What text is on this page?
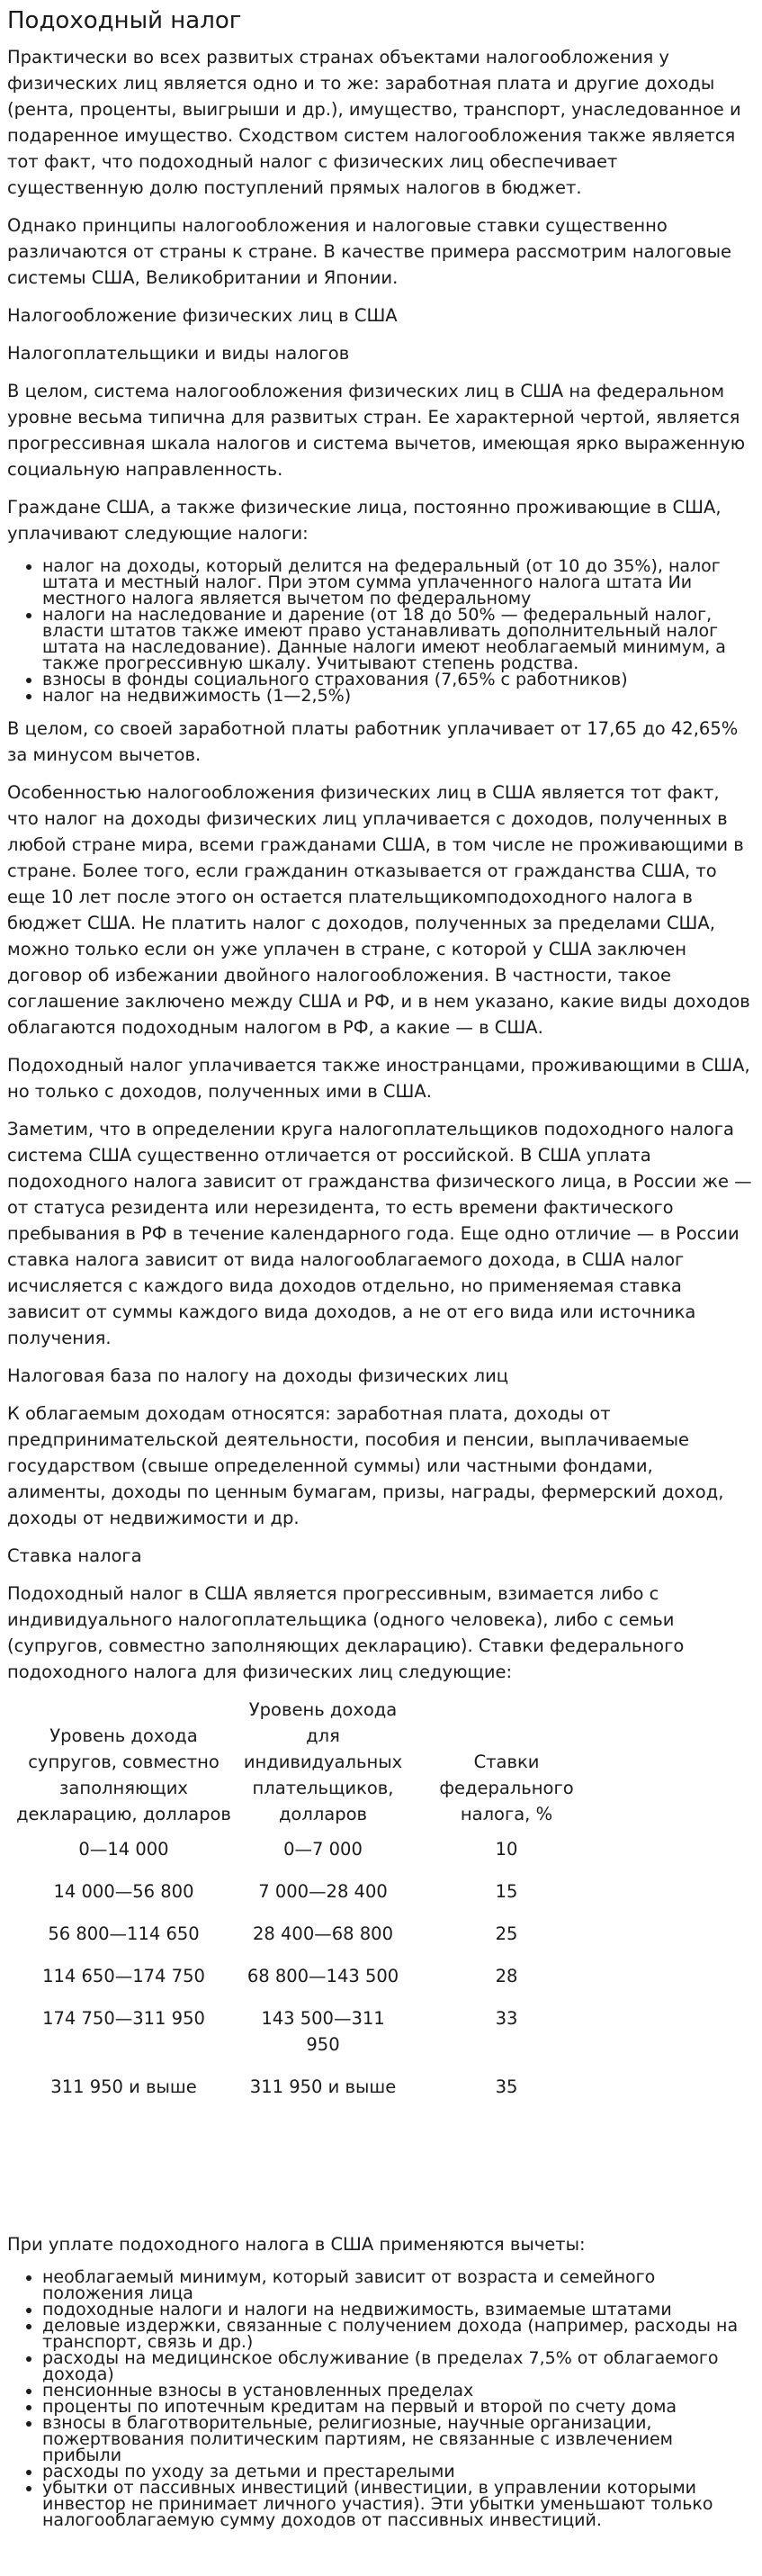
Подоходный налог

Практически во всех развитых странах объектами налогообложения у физических лиц является одно и то же: заработная плата и другие доходы (рента, проценты, выигрыши и др.), имущество, транспорт, унаследованное и подаренное имущество. Сходством систем налогообложения также является тот факт, что подоходный налог с физических лиц обеспечивает существенную долю поступлений прямых налогов в бюджет.

Однако принципы налогообложения и налоговые ставки существенно различаются от страны к стране. В качестве примера рассмотрим налоговые системы США, Великобритании и Японии.

Налогообложение физических лиц в США

Налогоплательщики и виды налогов

В целом, система налогообложения физических лиц в США на федеральном уровне весьма типична для развитых стран. Ее характерной чертой, является прогрессивная шкала налогов и система вычетов, имеющая ярко выраженную социальную направленность.

Граждане США, а также физические лица, постоянно проживающие в США, уплачивают следующие налоги:

• налог на доходы, который делится на федеральный (от 10 до 35%), налог штата и местный налог. При этом сумма уплаченного налога штата Ии местного налога является вычетом по федеральному
• налоги на наследование и дарение (от 18 до 50% — федеральный налог, власти штатов также имеют право устанавливать дополнительный налог штата на наследование). Данные налоги имеют необлагаемый минимум, а также прогрессивную шкалу. Учитывают степень родства.
• взносы в фонды социального страхования (7,65% с работников)
• налог на недвижимость (1—2,5%)

В целом, со своей заработной платы работник уплачивает от 17,65 до 42,65% за минусом вычетов.

Особенностью налогообложения физических лиц в США является тот факт, что налог на доходы физических лиц уплачивается с доходов, полученных в любой стране мира, всеми гражданами США, в том числе не проживающими в стране. Более того, если гражданин отказывается от гражданства США, то еще 10 лет после этого он остается плательщикомподоходного налога в бюджет США. Не платить налог с доходов, полученных за пределами США, можно только если он уже уплачен в стране, с которой у США заключен договор об избежании двойного налогообложения. В частности, такое соглашение заключено между США и РФ, и в нем указано, какие виды доходов облагаются подоходным налогом в РФ, а какие — в США.

Подоходный налог уплачивается также иностранцами, проживающими в США, но только с доходов, полученных ими в США.

Заметим, что в определении круга налогоплательщиков подоходного налога система США существенно отличается от российской. В США уплата подоходного налога зависит от гражданства физического лица, в России же — от статуса резидента или нерезидента, то есть времени фактического пребывания в РФ в течение календарного года. Еще одно отличие — в России ставка налога зависит от вида налогооблагаемого дохода, в США налог исчисляется с каждого вида доходов отдельно, но применяемая ставка зависит от суммы каждого вида доходов, а не от его вида или источника получения.

Налоговая база по налогу на доходы физических лиц

К облагаемым доходам относятся: заработная плата, доходы от предпринимательской деятельности, пособия и пенсии, выплачиваемые государством (свыше определенной суммы) или частными фондами, алименты, доходы по ценным бумагам, призы, награды, фермерский доход, доходы от недвижимости и др.

Ставка налога

Подоходный налог в США является прогрессивным, взимается либо с индивидуального налогоплательщика (одного человека), либо с семьи (супругов, совместно заполняющих декларацию). Ставки федерального подоходного налога для физических лиц следующие:

Уровень дохода супругов, совместно заполняющих декларацию, долларов	Уровень дохода для индивидуальных плательщиков, долларов	Ставки федерального налога, %
0—14 000	0—7 000	10
14 000—56 800	7 000—28 400	15
56 800—114 650	28 400—68 800	25
114 650—174 750	68 800—143 500	28
174 750—311 950	143 500—311 950	33
311 950 и выше	311 950 и выше	35

При уплате подоходного налога в США применяются вычеты:

• необлагаемый минимум, который зависит от возраста и семейного положения лица
• подоходные налоги и налоги на недвижимость, взимаемые штатами
• деловые издержки, связанные с получением дохода (например, расходы на транспорт, связь и др.)
• расходы на медицинское обслуживание (в пределах 7,5% от облагаемого дохода)
• пенсионные взносы в установленных пределах
• проценты по ипотечным кредитам на первый и второй по счету дома
• взносы в благотворительные, религиозные, научные организации, пожертвования политическим партиям, не связанные с извлечением прибыли
• расходы по уходу за детьми и престарелыми
• убытки от пассивных инвестиций (инвестиции, в управлении которыми инвестор не принимает личного участия). Эти убытки уменьшают только налогооблагаемую сумму доходов от пассивных инвестиций.
